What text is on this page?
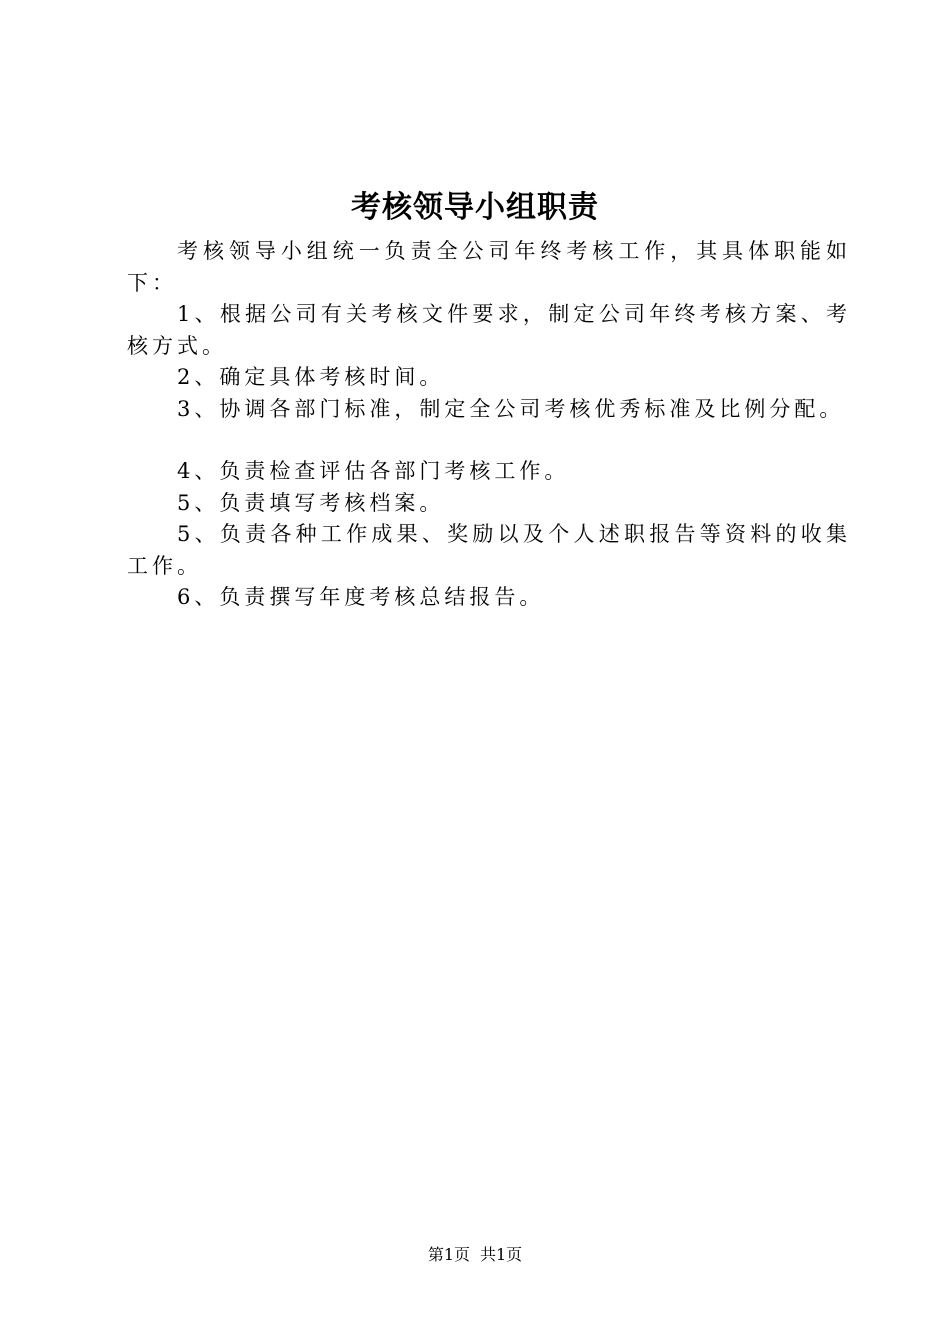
考核领导小组职责

考核领导小组统一负责全公司年终考核工作，其具体职能如下：

1、根据公司有关考核文件要求，制定公司年终考核方案、考核方式。

2、确定具体考核时间。

3、协调各部门标准，制定全公司考核优秀标准及比例分配。

4、负责检查评估各部门考核工作。

5、负责填写考核档案。

5、负责各种工作成果、奖励以及个人述职报告等资料的收集工作。

6、负责撰写年度考核总结报告。

第1页 共1页
